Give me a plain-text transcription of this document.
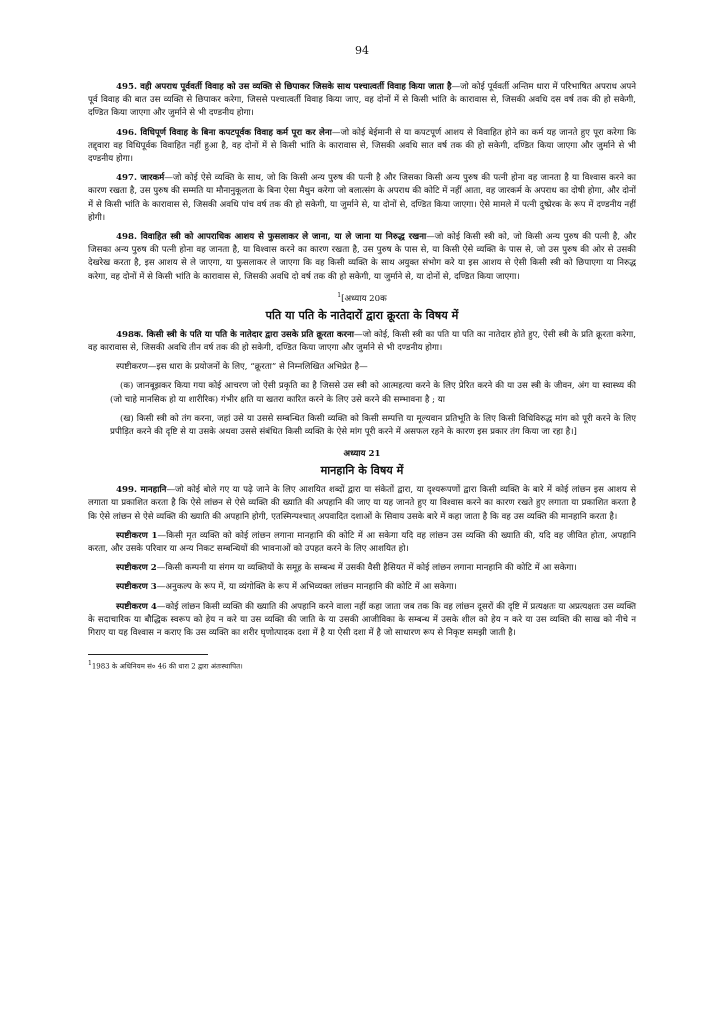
94

495. वही अपराध पूर्ववर्ती विवाह को उस व्यक्ति से छिपाकर जिसके साथ पश्चात्वर्ती विवाह किया जाता है—जो कोई पूर्ववर्ती अन्तिम धारा में परिभाषित अपराध अपने पूर्व विवाह की बात उस व्यक्ति से छिपाकर करेगा, जिससे पश्चात्वर्ती विवाह किया जाए, वह दोनों में से किसी भांति के कारावास से, जिसकी अवधि दस वर्ष तक की हो सकेगी, दण्डित किया जाएगा और जुर्माने से भी दण्डनीय होगा।

496. विधिपूर्ण विवाह के बिना कपटपूर्वक विवाह कर्म पूरा कर लेना—जो कोई बेईमानी से या कपटपूर्ण आशय से विवाहित होने का कर्म यह जानते हुए पूरा करेगा कि तद्द्वारा वह विधिपूर्वक विवाहित नहीं हुआ है, वह दोनों में से किसी भांति के कारावास से, जिसकी अवधि सात वर्ष तक की हो सकेगी, दण्डित किया जाएगा और जुर्माने से भी दण्डनीय होगा।

497. जारकर्म—जो कोई ऐसे व्यक्ति के साथ, जो कि किसी अन्य पुरुष की पत्नी है और जिसका किसी अन्य पुरुष की पत्नी होना वह जानता है या विश्वास करने का कारण रखता है, उस पुरुष की सम्मति या मौनानुकूलता के बिना ऐसा मैथुन करेगा जो बलात्संग के अपराध की कोटि में नहीं आता, वह जारकर्म के अपराध का दोषी होगा, और दोनों में से किसी भांति के कारावास से, जिसकी अवधि पांच वर्ष तक की हो सकेगी, या जुर्माने से, या दोनों से, दण्डित किया जाएगा। ऐसे मामले में पत्नी दुष्प्रेरक के रूप में दण्डनीय नहीं होगी।

498. विवाहित स्त्री को आपराधिक आशय से फुसलाकर ले जाना, या ले जाना या निरुद्ध रखना—जो कोई किसी स्त्री को, जो किसी अन्य पुरुष की पत्नी है, और जिसका अन्य पुरुष की पत्नी होना वह जानता है, या विश्वास करने का कारण रखता है, उस पुरुष के पास से, या किसी ऐसे व्यक्ति के पास से, जो उस पुरुष की ओर से उसकी देखरेख करता है, इस आशय से ले जाएगा, या फुसलाकर ले जाएगा कि वह किसी व्यक्ति के साथ अयुक्त संभोग करे या इस आशय से ऐसी किसी स्त्री को छिपाएगा या निरुद्ध करेगा, वह दोनों में से किसी भांति के कारावास से, जिसकी अवधि दो वर्ष तक की हो सकेगी, या जुर्माने से, या दोनों से, दण्डित किया जाएगा।

$^1$[अध्याय 20क
पति या पति के नातेदारों द्वारा क्रूरता के विषय में

498क. किसी स्त्री के पति या पति के नातेदार द्वारा उसके प्रति क्रूरता करना—जो कोई, किसी स्त्री का पति या पति का नातेदार होते हुए, ऐसी स्त्री के प्रति क्रूरता करेगा, वह कारावास से, जिसकी अवधि तीन वर्ष तक की हो सकेगी, दण्डित किया जाएगा और जुर्माने से भी दण्डनीय होगा।

स्पष्टीकरण—इस धारा के प्रयोजनों के लिए, “क्रूरता” से निम्नलिखित अभिप्रेत है—

(क) जानबूझकर किया गया कोई आचरण जो ऐसी प्रकृति का है जिससे उस स्त्री को आत्महत्या करने के लिए प्रेरित करने की या उस स्त्री के जीवन, अंग या स्वास्थ्य की (जो चाहे मानसिक हो या शारीरिक) गंभीर क्षति या खतरा कारित करने के लिए उसे करने की सम्भावना है ; या

(ख) किसी स्त्री को तंग करना, जहां उसे या उससे सम्बन्धित किसी व्यक्ति को किसी सम्पत्ति या मूल्यवान प्रतिभूति के लिए किसी विधिविरुद्ध मांग को पूरी करने के लिए प्रपीड़ित करने की दृष्टि से या उसके अथवा उससे संबंधित किसी व्यक्ति के ऐसे मांग पूरी करने में असफल रहने के कारण इस प्रकार तंग किया जा रहा है।]

अध्याय 21
मानहानि के विषय में

499. मानहानि—जो कोई बोले गए या पढ़े जाने के लिए आशयित शब्दों द्वारा या संकेतों द्वारा, या दृश्यरूपणों द्वारा किसी व्यक्ति के बारे में कोई लांछन इस आशय से लगाता या प्रकाशित करता है कि ऐसे लांछन से ऐसे व्यक्ति की ख्याति की अपहानि की जाए या यह जानते हुए या विश्वास करने का कारण रखते हुए लगाता या प्रकाशित करता है कि ऐसे लांछन से ऐसे व्यक्ति की ख्याति की अपहानि होगी, एतस्मिन्पश्चात् अपवादित दशाओं के सिवाय उसके बारे में कहा जाता है कि वह उस व्यक्ति की मानहानि करता है।

स्पष्टीकरण 1—किसी मृत व्यक्ति को कोई लांछन लगाना मानहानि की कोटि में आ सकेगा यदि वह लांछन उस व्यक्ति की ख्याति की, यदि वह जीवित होता, अपहानि करता, और उसके परिवार या अन्य निकट सम्बन्धियों की भावनाओं को उपहत करने के लिए आशयित हो।

स्पष्टीकरण 2—किसी कम्पनी या संगम या व्यक्तियों के समूह के सम्बन्ध में उसकी वैसी हैसियत में कोई लांछन लगाना मानहानि की कोटि में आ सकेगा।

स्पष्टीकरण 3—अनुकल्प के रूप में, या व्यंगोक्ति के रूप में अभिव्यक्त लांछन मानहानि की कोटि में आ सकेगा।

स्पष्टीकरण 4—कोई लांछन किसी व्यक्ति की ख्याति की अपहानि करने वाला नहीं कहा जाता जब तक कि वह लांछन दूसरों की दृष्टि में प्रत्यक्षतः या अप्रत्यक्षतः उस व्यक्ति के सदाचारिक या बौद्धिक स्वरूप को हेय न करे या उस व्यक्ति की जाति के या उसकी आजीविका के सम्बन्ध में उसके शील को हेय न करे या उस व्यक्ति की साख को नीचे न गिराए या यह विश्वास न कराए कि उस व्यक्ति का शरीर घृणोत्पादक दशा में है या ऐसी दशा में है जो साधारण रूप से निकृष्ट समझी जाती है।

11983 के अधिनियम सं० 46 की धारा 2 द्वारा अंतःस्थापित।
